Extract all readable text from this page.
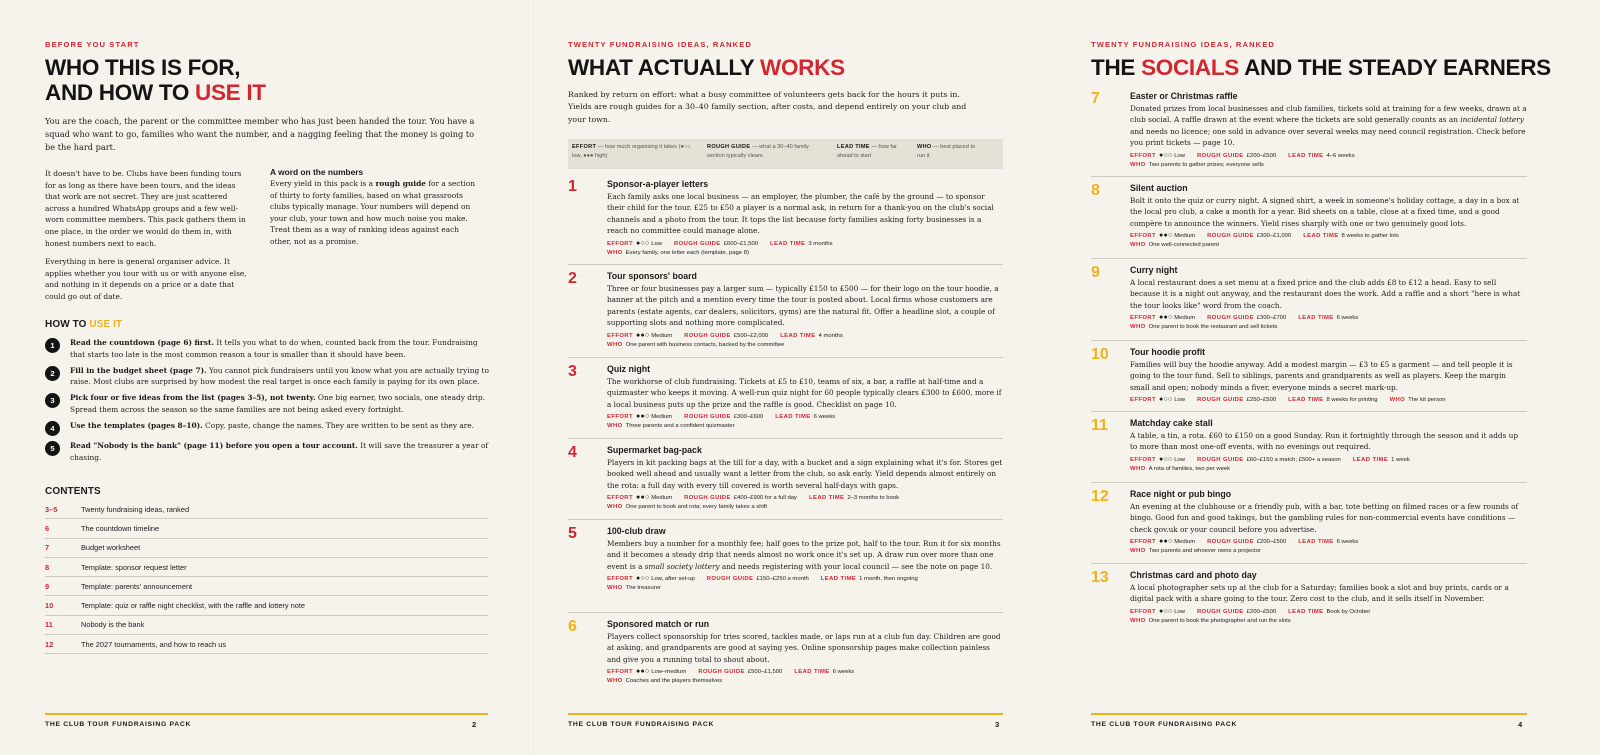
BEFORE YOU START
WHO THIS IS FOR,
AND HOW TO USE IT
You are the coach, the parent or the committee member who has just been handed the tour. You have a squad who want to go, families who want the number, and a nagging feeling that the money is going to be the hard part.

It doesn't have to be. Clubs have been funding tours for as long as there have been tours, and the ideas that work are not secret. They are just scattered across a hundred WhatsApp groups and a few well-worn committee members. This pack gathers them in one place, in the order we would do them in, with honest numbers next to each.

Everything in here is general organiser advice. It applies whether you tour with us or with anyone else, and nothing in it depends on a price or a date that could go out of date.

A word on the numbers

Every yield in this pack is a rough guide for a section of thirty to forty families, based on what grassroots clubs typically manage. Your numbers will depend on your club, your town and how much noise you make. Treat them as a way of ranking ideas against each other, not as a promise.

HOW TO USE IT
1	Read the countdown (page 6) first. It tells you what to do when, counted back from the tour. Fundraising that starts too late is the most common reason a tour is smaller than it should have been.
2	Fill in the budget sheet (page 7). You cannot pick fundraisers until you know what you are actually trying to raise. Most clubs are surprised by how modest the real target is once each family is paying for its own place.
3	Pick four or five ideas from the list (pages 3–5), not twenty. One big earner, two socials, one steady drip. Spread them across the season so the same families are not being asked every fortnight.
4	Use the templates (pages 8–10). Copy, paste, change the names. They are written to be sent as they are.
5	Read "Nobody is the bank" (page 11) before you open a tour account. It will save the treasurer a year of chasing.
CONTENTS
3–5	Twenty fundraising ideas, ranked
6	The countdown timeline
7	Budget worksheet
8	Template: sponsor request letter
9	Template: parents' announcement
10	Template: quiz or raffle night checklist, with the raffle and lottery note
11	Nobody is the bank
12	The 2027 tournaments, and how to reach us
THE CLUB TOUR FUNDRAISING PACK	2
TWENTY FUNDRAISING IDEAS, RANKED
WHAT ACTUALLY WORKS
Ranked by return on effort: what a busy committee of volunteers gets back for the hours it puts in. Yields are rough guides for a 30–40 family section, after costs, and depend entirely on your club and your town.
EFFORT — how much organising it takes (●○○ low, ●●● high)
ROUGH GUIDE — what a 30–40 family section typically clears
LEAD TIME — how far ahead to start
WHO — best placed to run it
1	Sponsor-a-player letters
Each family asks one local business — an employer, the plumber, the café by the ground — to sponsor their child for the tour. £25 to £50 a player is a normal ask, in return for a thank-you on the club's social channels and a photo from the tour. It tops the list because forty families asking forty businesses is a reach no committee could manage alone.
EFFORT ●○○ Low ROUGH GUIDE £600–£1,500 LEAD TIME 3 months
WHO Every family, one letter each (template, page 8)
2	Tour sponsors' board
Three or four businesses pay a larger sum — typically £150 to £500 — for their logo on the tour hoodie, a banner at the pitch and a mention every time the tour is posted about. Local firms whose customers are parents (estate agents, car dealers, solicitors, gyms) are the natural fit. Offer a headline slot, a couple of supporting slots and nothing more complicated.
EFFORT ●●○ Medium ROUGH GUIDE £500–£2,000 LEAD TIME 4 months
WHO One parent with business contacts, backed by the committee
3	Quiz night
The workhorse of club fundraising. Tickets at £5 to £10, teams of six, a bar, a raffle at half-time and a quizmaster who keeps it moving. A well-run quiz night for 60 people typically clears £300 to £600, more if a local business puts up the prize and the raffle is good. Checklist on page 10.
EFFORT ●●○ Medium ROUGH GUIDE £300–£600 LEAD TIME 6 weeks
WHO Three parents and a confident quizmaster
4	Supermarket bag-pack
Players in kit packing bags at the till for a day, with a bucket and a sign explaining what it's for. Stores get booked well ahead and usually want a letter from the club, so ask early. Yield depends almost entirely on the rota: a full day with every till covered is worth several half-days with gaps.
EFFORT ●●○ Medium ROUGH GUIDE £400–£900 for a full day LEAD TIME 2–3 months to book
WHO One parent to book and rota; every family takes a shift
5	100-club draw
Members buy a number for a monthly fee; half goes to the prize pot, half to the tour. Run it for six months and it becomes a steady drip that needs almost no work once it's set up. A draw run over more than one event is a small society lottery and needs registering with your local council — see the note on page 10.
EFFORT ●○○ Low, after set-up ROUGH GUIDE £150–£250 a month LEAD TIME 1 month, then ongoing
WHO The treasurer
6	Sponsored match or run
Players collect sponsorship for tries scored, tackles made, or laps run at a club fun day. Children are good at asking, and grandparents are good at saying yes. Online sponsorship pages make collection painless and give you a running total to shout about.
EFFORT ●●○ Low–medium ROUGH GUIDE £500–£1,500 LEAD TIME 6 weeks
WHO Coaches and the players themselves
THE CLUB TOUR FUNDRAISING PACK	3
TWENTY FUNDRAISING IDEAS, RANKED
THE SOCIALS AND THE STEADY EARNERS
7	Easter or Christmas raffle
Donated prizes from local businesses and club families, tickets sold at training for a few weeks, drawn at a club social. A raffle drawn at the event where the tickets are sold generally counts as an incidental lottery and needs no licence; one sold in advance over several weeks may need council registration. Check before you print tickets — page 10.
EFFORT ●○○ Low ROUGH GUIDE £200–£500 LEAD TIME 4–6 weeks
WHO Two parents to gather prizes; everyone sells
8	Silent auction
Bolt it onto the quiz or curry night. A signed shirt, a week in someone's holiday cottage, a day in a box at the local pro club, a cake a month for a year. Bid sheets on a table, close at a fixed time, and a good compère to announce the winners. Yield rises sharply with one or two genuinely good lots.
EFFORT ●●○ Medium ROUGH GUIDE £300–£1,000 LEAD TIME 8 weeks to gather lots
WHO One well-connected parent
9	Curry night
A local restaurant does a set menu at a fixed price and the club adds £8 to £12 a head. Easy to sell because it is a night out anyway, and the restaurant does the work. Add a raffle and a short "here is what the tour looks like" word from the coach.
EFFORT ●●○ Medium ROUGH GUIDE £300–£700 LEAD TIME 6 weeks
WHO One parent to book the restaurant and sell tickets
10 Tour hoodie profit
Families will buy the hoodie anyway. Add a modest margin — £3 to £5 a garment — and tell people it is going to the tour fund. Sell to siblings, parents and grandparents as well as players. Keep the margin small and open; nobody minds a fiver, everyone minds a secret mark-up.
EFFORT ●○○ Low ROUGH GUIDE £250–£500 LEAD TIME 8 weeks for printing WHO The kit person
11	Matchday cake stall
A table, a tin, a rota. £60 to £150 on a good Sunday. Run it fortnightly through the season and it adds up to more than most one-off events, with no evenings out required.
EFFORT ●○○ Low ROUGH GUIDE £60–£150 a match; £500+ a season LEAD TIME 1 week
WHO A rota of families, two per week
12 Race night or pub bingo
An evening at the clubhouse or a friendly pub, with a bar, tote betting on filmed races or a few rounds of bingo. Good fun and good takings, but the gambling rules for non-commercial events have conditions — check gov.uk or your council before you advertise.
EFFORT ●●○ Medium ROUGH GUIDE £200–£500 LEAD TIME 6 weeks
WHO Two parents and whoever owns a projector
13 Christmas card and photo day
A local photographer sets up at the club for a Saturday; families book a slot and buy prints, cards or a digital pack with a share going to the tour. Zero cost to the club, and it sells itself in November.
EFFORT ●○○ Low ROUGH GUIDE £200–£500 LEAD TIME Book by October
WHO One parent to book the photographer and run the slots
THE CLUB TOUR FUNDRAISING PACK	4
